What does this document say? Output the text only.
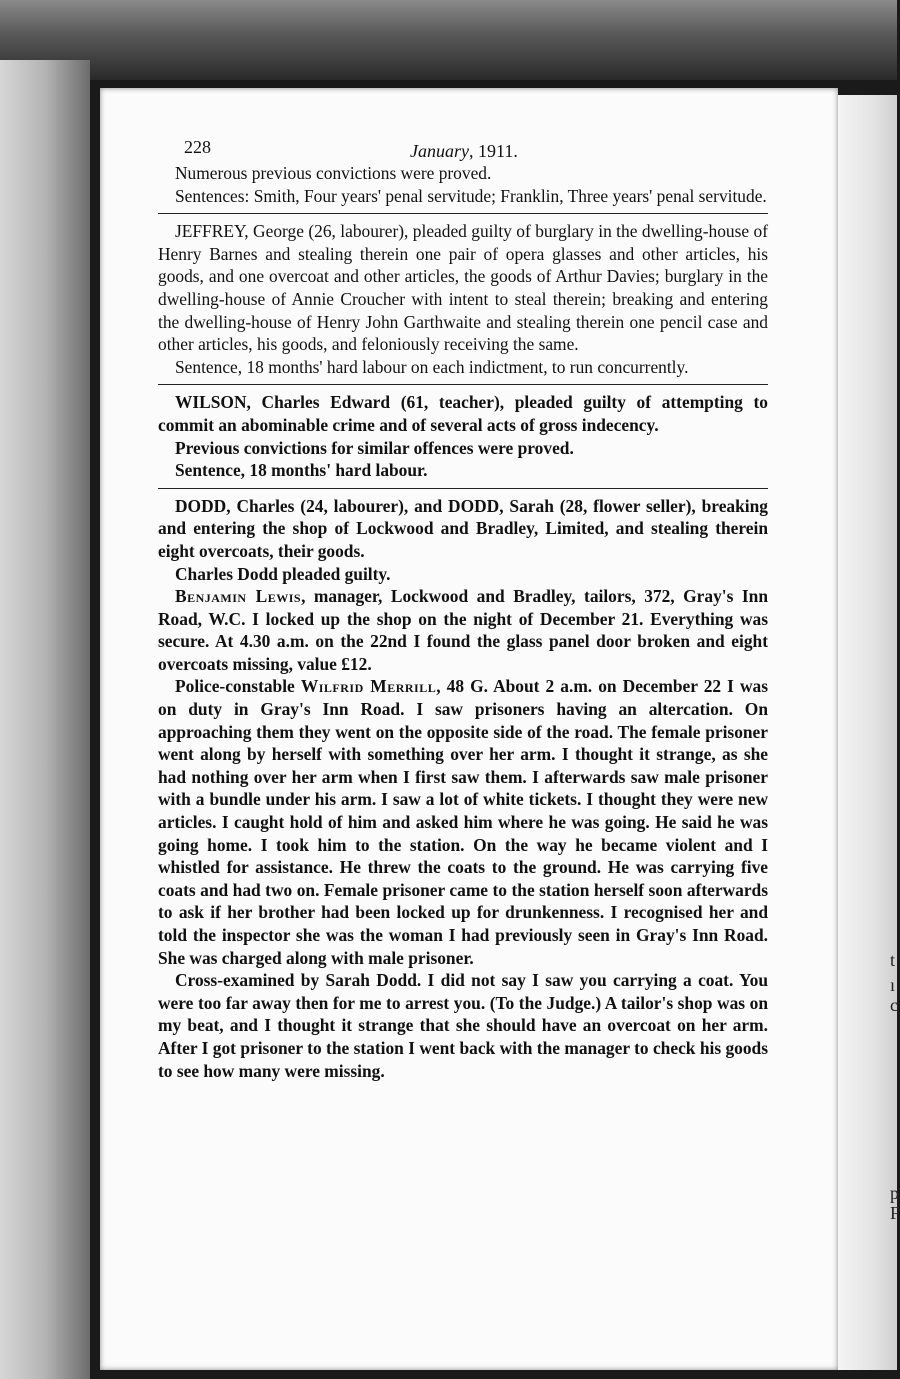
t
ı
c
p
F
228	January, 1911.

Numerous previous convictions were proved.

Sentences: Smith, Four years' penal servitude; Franklin, Three years' penal servitude.

JEFFREY, George (26, labourer), pleaded guilty of burglary in the dwelling-house of Henry Barnes and stealing therein one pair of opera glasses and other articles, his goods, and one overcoat and other articles, the goods of Arthur Davies; burglary in the dwelling-house of Annie Croucher with intent to steal therein; breaking and entering the dwelling-house of Henry John Garthwaite and stealing therein one pencil case and other articles, his goods, and feloniously receiving the same.

Sentence, 18 months' hard labour on each indictment, to run concurrently.

WILSON, Charles Edward (61, teacher), pleaded guilty of attempting to commit an abominable crime and of several acts of gross indecency.

Previous convictions for similar offences were proved.

Sentence, 18 months' hard labour.

DODD, Charles (24, labourer), and DODD, Sarah (28, flower seller), breaking and entering the shop of Lockwood and Bradley, Limited, and stealing therein eight overcoats, their goods.

Charles Dodd pleaded guilty.

Benjamin Lewis, manager, Lockwood and Bradley, tailors, 372, Gray's Inn Road, W.C. I locked up the shop on the night of December 21. Everything was secure. At 4.30 a.m. on the 22nd I found the glass panel door broken and eight overcoats missing, value £12.

Police-constable Wilfrid Merrill, 48 G. About 2 a.m. on December 22 I was on duty in Gray's Inn Road. I saw prisoners having an altercation. On approaching them they went on the opposite side of the road. The female prisoner went along by herself with something over her arm. I thought it strange, as she had nothing over her arm when I first saw them. I afterwards saw male prisoner with a bundle under his arm. I saw a lot of white tickets. I thought they were new articles. I caught hold of him and asked him where he was going. He said he was going home. I took him to the station. On the way he became violent and I whistled for assistance. He threw the coats to the ground. He was carrying five coats and had two on. Female prisoner came to the station herself soon afterwards to ask if her brother had been locked up for drunkenness. I recognised her and told the inspector she was the woman I had previously seen in Gray's Inn Road. She was charged along with male prisoner.

Cross-examined by Sarah Dodd. I did not say I saw you carrying a coat. You were too far away then for me to arrest you. (To the Judge.) A tailor's shop was on my beat, and I thought it strange that she should have an overcoat on her arm. After I got prisoner to the station I went back with the manager to check his goods to see how many were missing.
